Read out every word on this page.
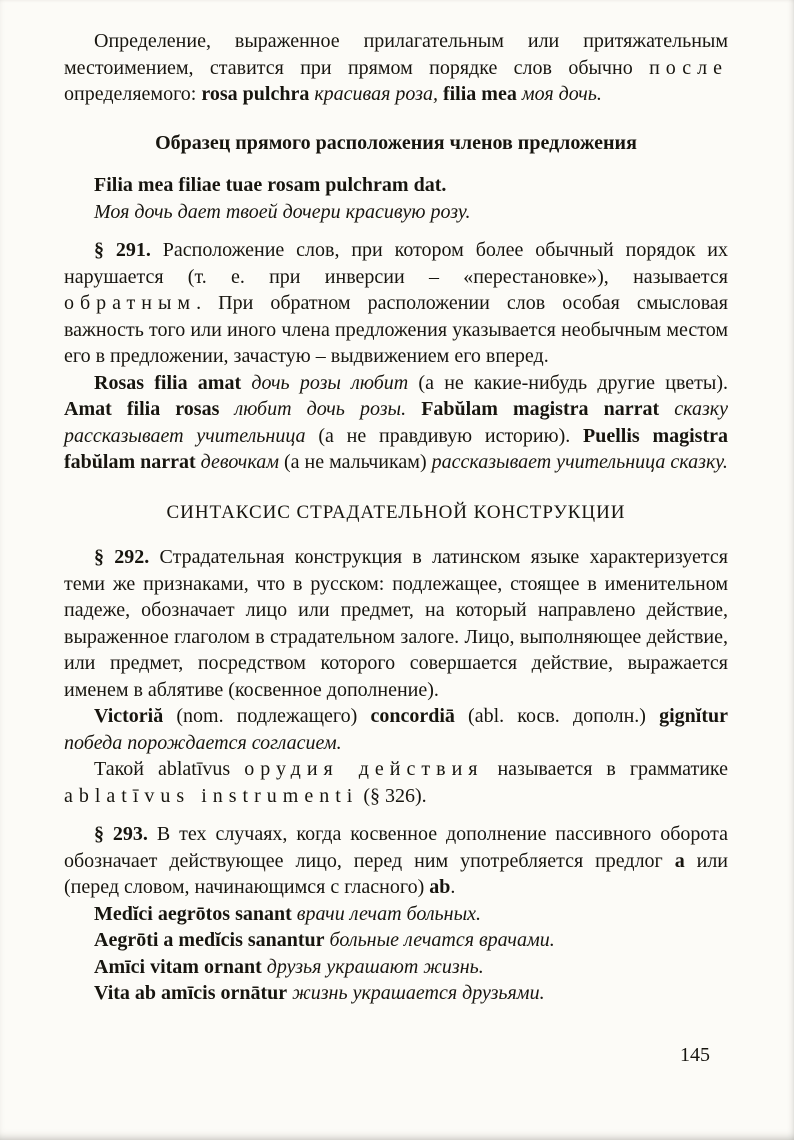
Определение, выраженное прилагательным или притяжательным местоимением, ставится при прямом порядке слов обычно после определяемого: rosa pulchra красивая роза, filia mea моя дочь.

Образец прямого расположения членов предложения

Filia mea filiae tuae rosam pulchram dat.

Моя дочь дает твоей дочери красивую розу.

§ 291. Расположение слов, при котором более обычный порядок их нарушается (т. е. при инверсии – «перестановке»), называется обратным. При обратном расположении слов особая смысловая важность того или иного члена предложения указывается необычным местом его в предложении, зачастую – выдвижением его вперед.

Rosas filia amat дочь розы любит (а не какие-нибудь другие цветы). Amat filia rosas любит дочь розы. Fabŭlam magistra narrat сказку рассказывает учительница (а не правдивую историю). Puellis magistra fabŭlam narrat девочкам (а не мальчикам) рассказывает учительница сказку.

СИНТАКСИС СТРАДАТЕЛЬНОЙ КОНСТРУКЦИИ

§ 292. Страдательная конструкция в латинском языке характеризуется теми же признаками, что в русском: подлежащее, стоящее в именительном падеже, обозначает лицо или предмет, на который направлено действие, выраженное глаголом в страдательном залоге. Лицо, выполняющее действие, или предмет, посредством которого совершается действие, выражается именем в аблятиве (косвенное дополнение).

Victoriă (nom. подлежащего) concordiā (abl. косв. дополн.) gignĭtur победа порождается согласием.

Такой ablatīvus орудия действия называется в грамматике ablatīvus instrumenti (§ 326).

§ 293. В тех случаях, когда косвенное дополнение пассивного оборота обозначает действующее лицо, перед ним употребляется предлог a или (перед словом, начинающимся с гласного) ab.

Medĭci aegrōtos sanant врачи лечат больных.

Aegrōti a medĭcis sanantur больные лечатся врачами.

Amīci vitam ornant друзья украшают жизнь.

Vita ab amīcis ornātur жизнь украшается друзьями.

145
